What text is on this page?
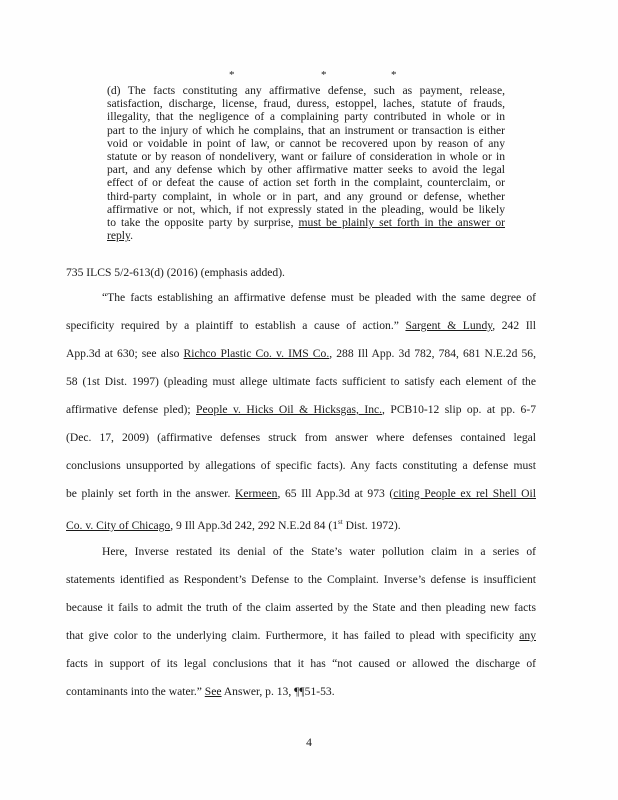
*	*	*
(d) The facts constituting any affirmative defense, such as payment, release,
satisfaction, discharge, license, fraud, duress, estoppel, laches, statute of frauds,
illegality, that the negligence of a complaining party contributed in whole or in
part to the injury of which he complains, that an instrument or transaction is either
void or voidable in point of law, or cannot be recovered upon by reason of any
statute or by reason of nondelivery, want or failure of consideration in whole or in
part, and any defense which by other affirmative matter seeks to avoid the legal
effect of or defeat the cause of action set forth in the complaint, counterclaim, or
third-party complaint, in whole or in part, and any ground or defense, whether
affirmative or not, which, if not expressly stated in the pleading, would be likely
to take the opposite party by surprise, must be plainly set forth in the answer or
reply.
735 ILCS 5/2-613(d) (2016) (emphasis added).
“The facts establishing an affirmative defense must be pleaded with the same degree of
specificity required by a plaintiff to establish a cause of action.” Sargent & Lundy, 242 Ill
App.3d at 630; see also Richco Plastic Co. v. IMS Co., 288 Ill App. 3d 782, 784, 681 N.E.2d 56,
58 (1st Dist. 1997) (pleading must allege ultimate facts sufficient to satisfy each element of the
affirmative defense pled); People v. Hicks Oil & Hicksgas, Inc., PCB10-12 slip op. at pp. 6-7
(Dec. 17, 2009) (affirmative defenses struck from answer where defenses contained legal
conclusions unsupported by allegations of specific facts). Any facts constituting a defense must
be plainly set forth in the answer. Kermeen, 65 Ill App.3d at 973 (citing People ex rel Shell Oil
Co. v. City of Chicago, 9 Ill App.3d 242, 292 N.E.2d 84 (1st Dist. 1972).
Here, Inverse restated its denial of the State’s water pollution claim in a series of
statements identified as Respondent’s Defense to the Complaint. Inverse’s defense is insufficient
because it fails to admit the truth of the claim asserted by the State and then pleading new facts
that give color to the underlying claim. Furthermore, it has failed to plead with specificity any
facts in support of its legal conclusions that it has “not caused or allowed the discharge of
contaminants into the water.” See Answer, p. 13, ¶¶51-53.
4
